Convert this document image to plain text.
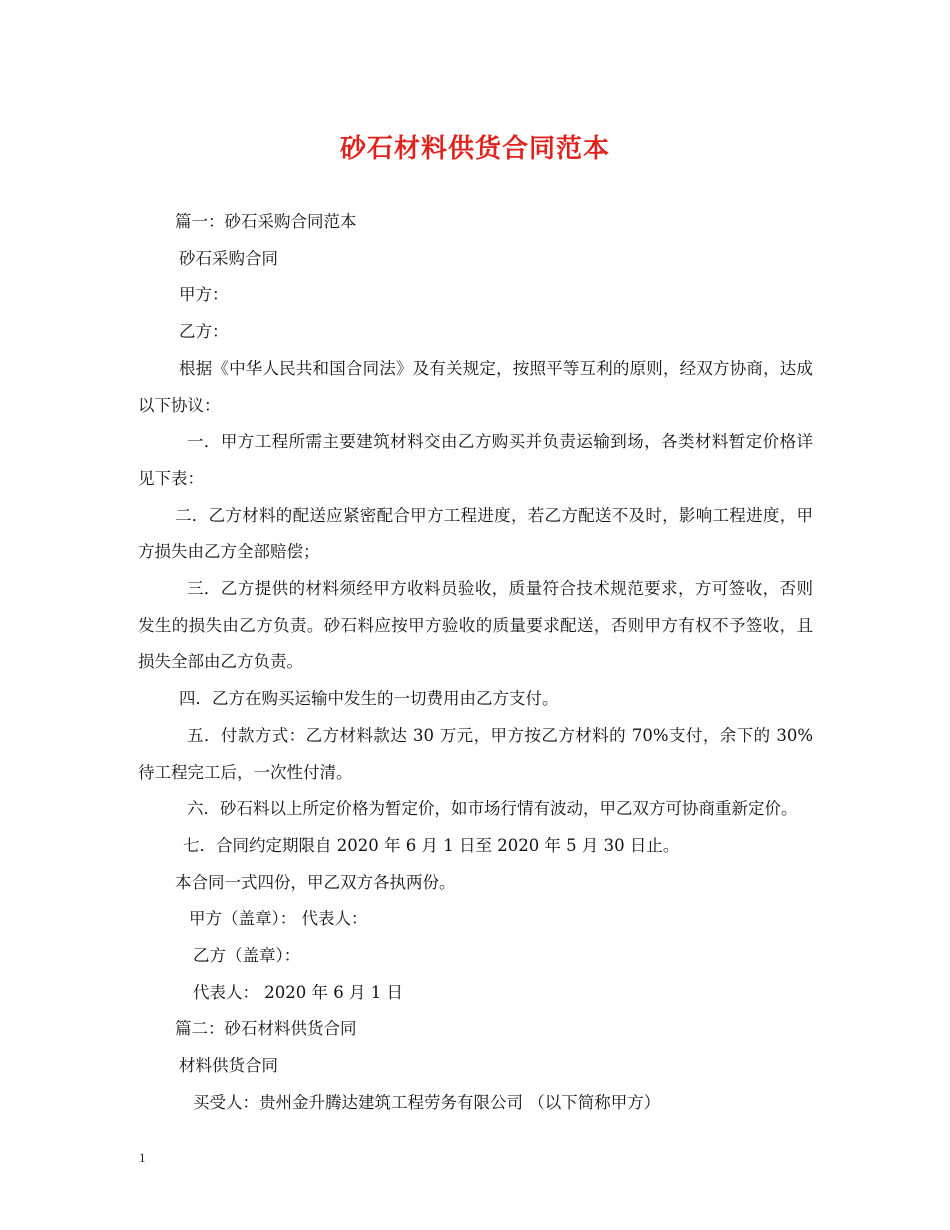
砂石材料供货合同范本

篇一：砂石采购合同范本

砂石采购合同

甲方：

乙方：

根据《中华人民共和国合同法》及有关规定，按照平等互利的原则，经双方协商，达成以下协议：

一．甲方工程所需主要建筑材料交由乙方购买并负责运输到场，各类材料暂定价格详见下表：

二．乙方材料的配送应紧密配合甲方工程进度，若乙方配送不及时，影响工程进度，甲方损失由乙方全部赔偿；

三．乙方提供的材料须经甲方收料员验收，质量符合技术规范要求，方可签收，否则发生的损失由乙方负责。砂石料应按甲方验收的质量要求配送，否则甲方有权不予签收，且损失全部由乙方负责。

四．乙方在购买运输中发生的一切费用由乙方支付。

五．付款方式：乙方材料款达 30 万元，甲方按乙方材料的 70%支付，余下的 30%待工程完工后，一次性付清。

六．砂石料以上所定价格为暂定价，如市场行情有波动，甲乙双方可协商重新定价。

七．合同约定期限自 2020 年 6 月 1 日至 2020 年 5 月 30 日止。

本合同一式四份，甲乙双方各执两份。

甲方（盖章）： 代表人：

乙方（盖章）：

代表人： 2020 年 6 月 1 日

篇二：砂石材料供货合同

材料供货合同

买受人：贵州金升腾达建筑工程劳务有限公司 （以下简称甲方）

1
